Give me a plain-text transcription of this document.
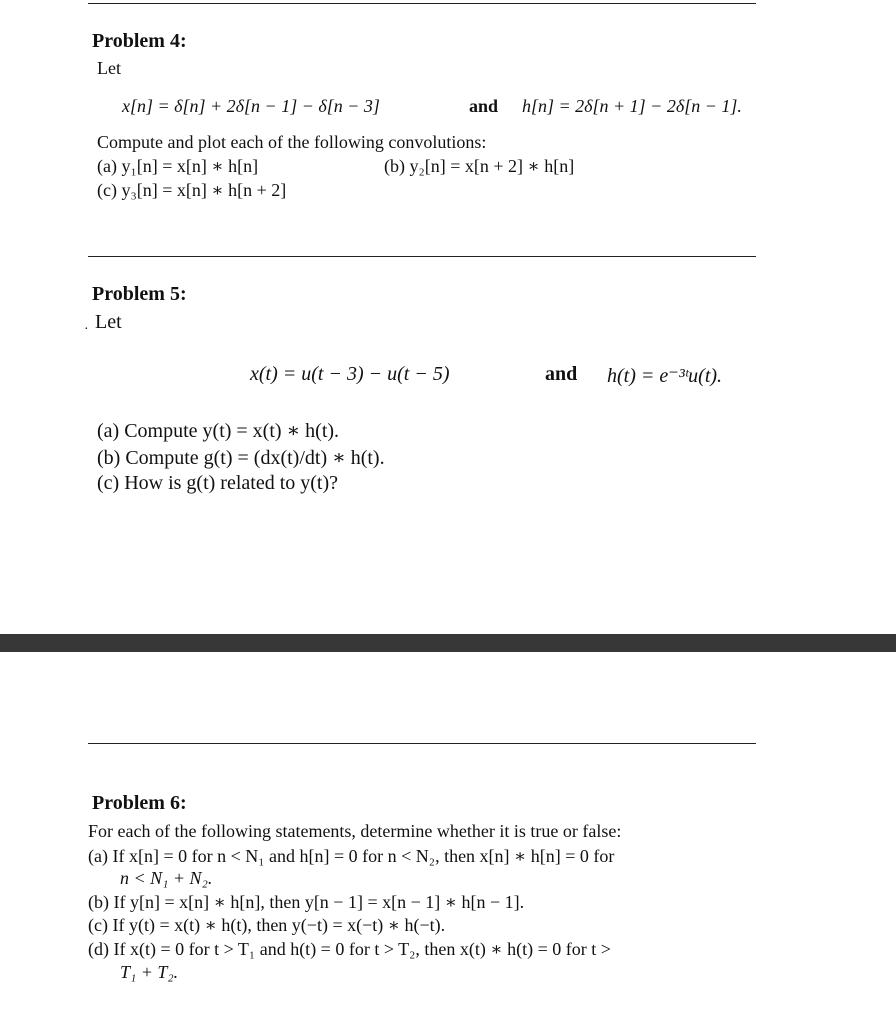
Problem 4:
Let
x[n] = δ[n] + 2δ[n − 1] − δ[n − 3]	and h[n] = 2δ[n + 1] − 2δ[n − 1].
Compute and plot each of the following convolutions:
(a) y₁[n] = x[n] ∗ h[n]	(b) y₂[n] = x[n + 2] ∗ h[n]
(c) y₃[n] = x[n] ∗ h[n + 2]
Problem 5:
· Let
x(t) = u(t − 3) − u(t − 5)	and h(t) = e⁻³ᵗu(t).
(a) Compute y(t) = x(t) ∗ h(t).
(b) Compute g(t) = (dx(t)/dt) ∗ h(t).
(c) How is g(t) related to y(t)?
Problem 6:
For each of the following statements, determine whether it is true or false:
(a) If x[n] = 0 for n < N₁ and h[n] = 0 for n < N₂, then x[n] ∗ h[n] = 0 for
n < N₁ + N₂.
(b) If y[n] = x[n] ∗ h[n], then y[n − 1] = x[n − 1] ∗ h[n − 1].
(c) If y(t) = x(t) ∗ h(t), then y(−t) = x(−t) ∗ h(−t).
(d) If x(t) = 0 for t > T₁ and h(t) = 0 for t > T₂, then x(t) ∗ h(t) = 0 for t >
T₁ + T₂.
